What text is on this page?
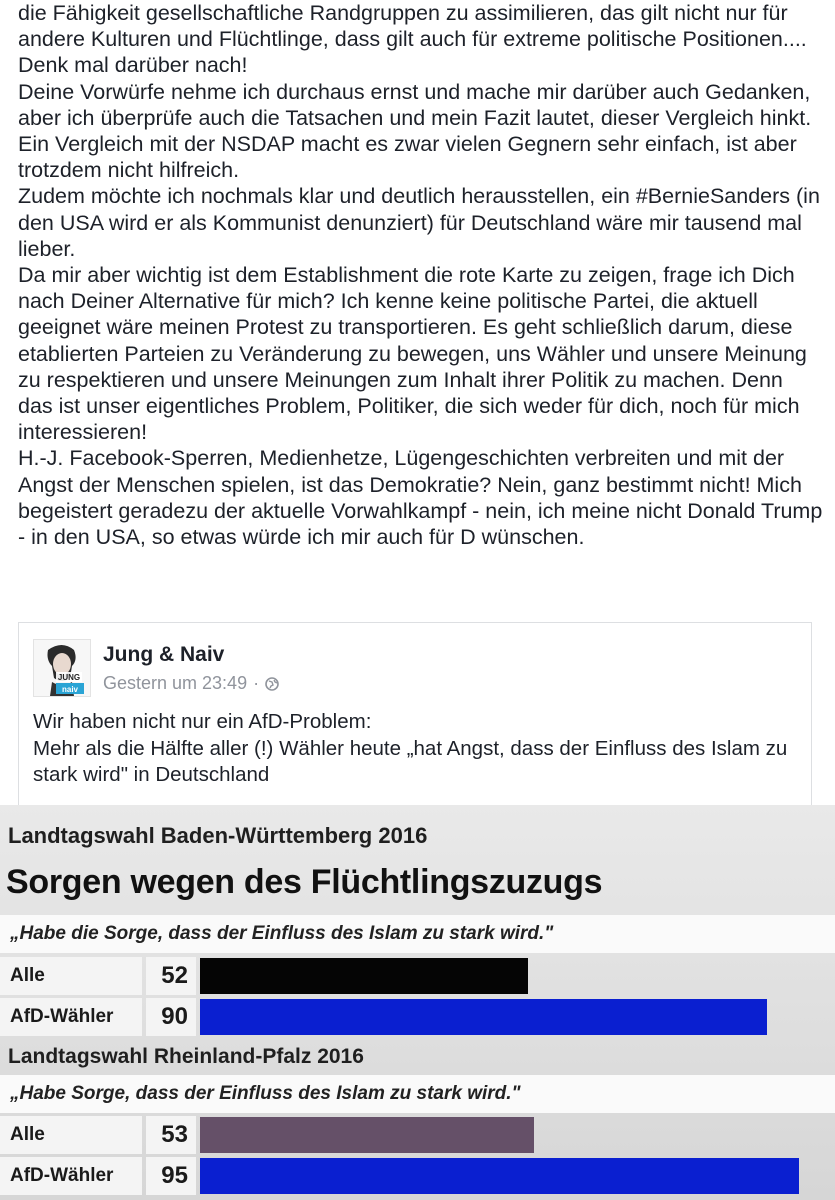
die Fähigkeit gesellschaftliche Randgruppen zu assimilieren, das gilt nicht nur für andere Kulturen und Flüchtlinge, dass gilt auch für extreme politische Positionen.... Denk mal darüber nach!

Deine Vorwürfe nehme ich durchaus ernst und mache mir darüber auch Gedanken, aber ich überprüfe auch die Tatsachen und mein Fazit lautet, dieser Vergleich hinkt. Ein Vergleich mit der NSDAP macht es zwar vielen Gegnern sehr einfach, ist aber trotzdem nicht hilfreich.

Zudem möchte ich nochmals klar und deutlich herausstellen, ein #BernieSanders (in den USA wird er als Kommunist denunziert) für Deutschland wäre mir tausend mal lieber.

Da mir aber wichtig ist dem Establishment die rote Karte zu zeigen, frage ich Dich nach Deiner Alternative für mich? Ich kenne keine politische Partei, die aktuell geeignet wäre meinen Protest zu transportieren. Es geht schließlich darum, diese etablierten Parteien zu Veränderung zu bewegen, uns Wähler und unsere Meinung zu respektieren und unsere Meinungen zum Inhalt ihrer Politik zu machen. Denn das ist unser eigentliches Problem, Politiker, die sich weder für dich, noch für mich interessieren!

H.-J. Facebook-Sperren, Medienhetze, Lügengeschichten verbreiten und mit der Angst der Menschen spielen, ist das Demokratie? Nein, ganz bestimmt nicht! Mich begeistert geradezu der aktuelle Vorwahlkampf - nein, ich meine nicht Donald Trump - in den USA, so etwas würde ich mir auch für D wünschen.

JUNG
naiv
Jung & Naiv
Gestern um 23:49 ·

Wir haben nicht nur ein AfD-Problem:

Mehr als die Hälfte aller (!) Wähler heute „hat Angst, dass der Einfluss des Islam zu stark wird" in Deutschland

Landtagswahl Baden-Württemberg 2016
Sorgen wegen des Flüchtlingszuzugs
„Habe die Sorge, dass der Einfluss des Islam zu stark wird."
Alle	52
AfD-Wähler	90
Landtagswahl Rheinland-Pfalz 2016
„Habe Sorge, dass der Einfluss des Islam zu stark wird."
Alle	53
AfD-Wähler	95
